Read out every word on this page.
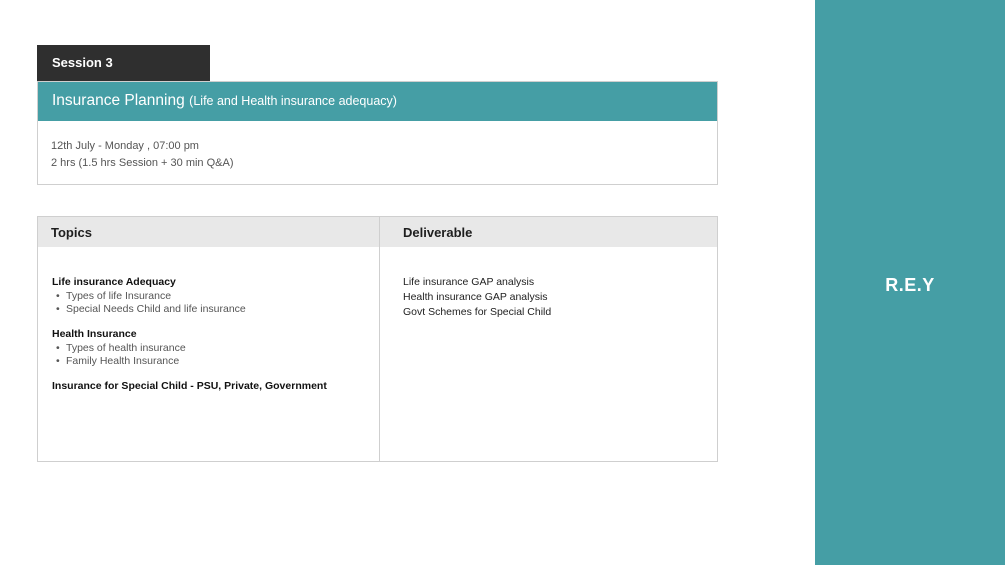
Session 3
Insurance Planning (Life and Health insurance adequacy)
12th July - Monday , 07:00 pm
2 hrs (1.5 hrs Session + 30 min Q&A)
Topics	Deliverable
Life insurance Adequacy
• Types of life Insurance
• Special Needs Child and life insurance
Health Insurance
• Types of health insurance
• Family Health Insurance
Insurance for Special Child - PSU, Private, Government
Life insurance GAP analysis
Health insurance GAP analysis
Govt Schemes for Special Child
R.E.Y
